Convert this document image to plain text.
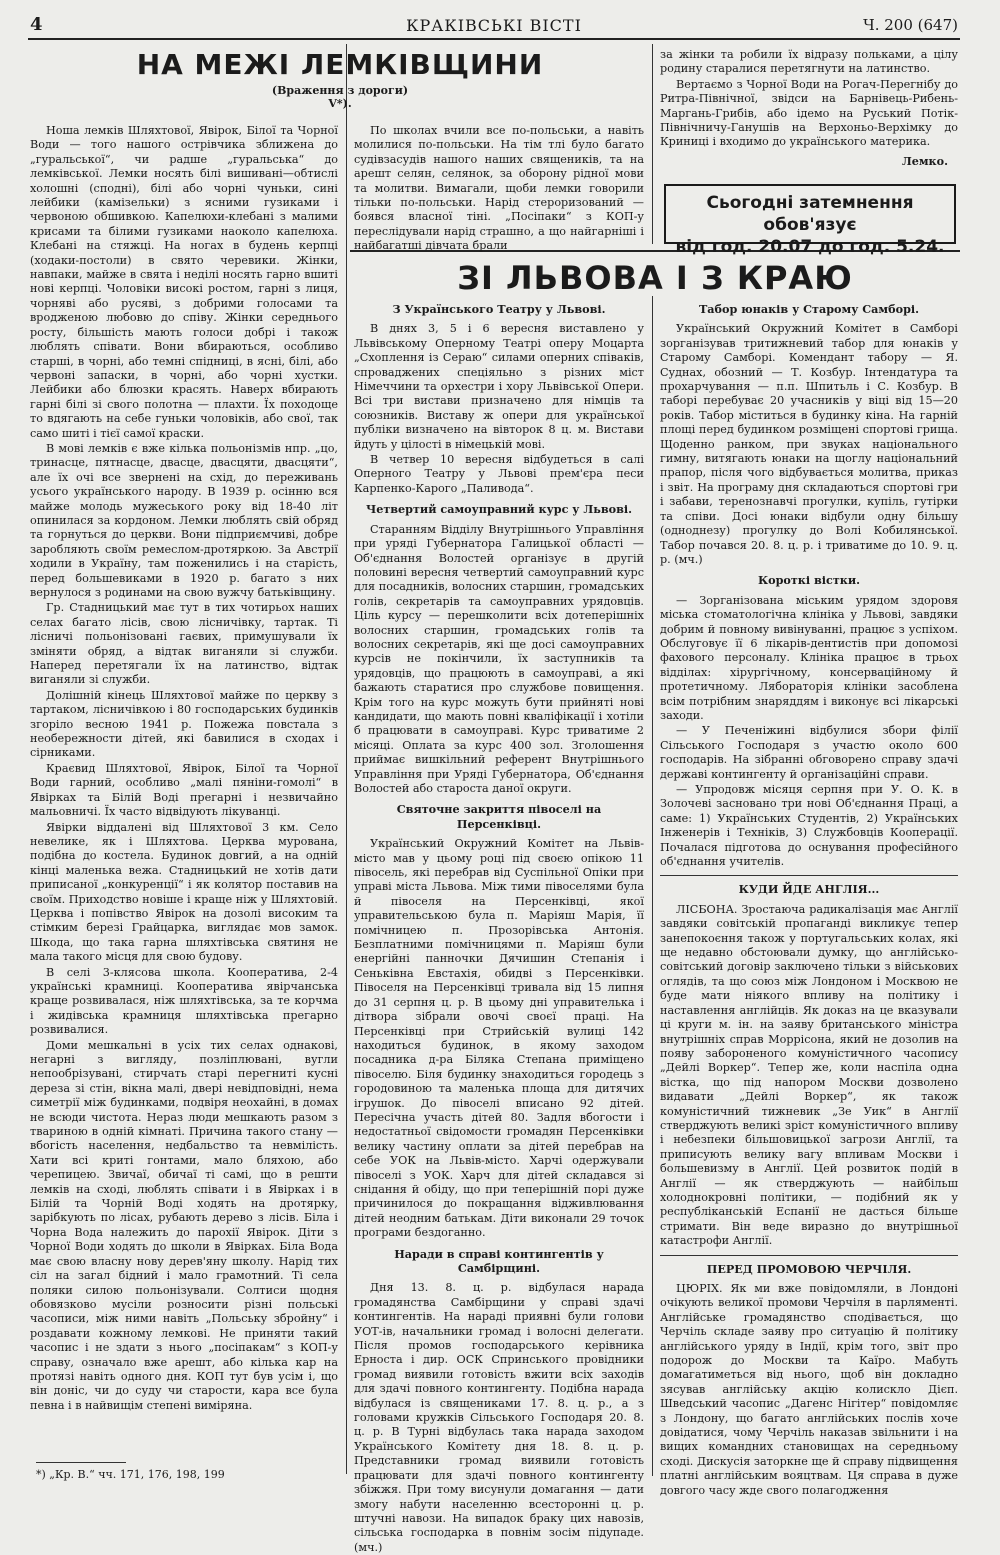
4	КРАКІВСЬКІ ВІСТІ	Ч. 200 (647)
НА МЕЖІ ЛЕМКІВЩИНИ
(Враження з дороги)
V*).

Ноша лемків Шляхтової, Явірок, Білої та Чорної Води — того нашого острівчика зближена до „гуральської“, чи радше „гуральська“ до лемківської. Лемки носять білі вишивані—обтислі холошні (сподні), білі або чорні чуньки, сині лейбики (камізельки) з ясними гузиками і червоною обшивкою. Капелюхи-клебані з малими крисами та білими гузиками наоколо капелюха. Клебані на стяжці. На ногах в будень керпці (ходаки-постоли) в свято черевики. Жінки, навпаки, майже в свята і неділі носять гарно вшиті нові керпці. Чоловіки високі ростом, гарні з лиця, чорняві або русяві, з добрими голосами та вродженою любовю до співу. Жінки середнього росту, більшість мають голоси добрі і також люблять співати. Вони вбираються, особливо старші, в чорні, або темні спідниці, в ясні, білі, або червоні запаски, в чорні, або чорні хустки. Лейбики або блюзки красять. Наверх вбирають гарні білі зі свого полотна — плахти. Їх походоще то вдягають на себе гуньки чоловіків, або свої, так само шиті і тієї самої краски.

В мові лемків є вже кілька польонізмів нпр. „цо, тринасце, пятнасце, двасце, двасцяти, двасцяти“, але їх очі все звернені на схід, до переживань усього українського народу. В 1939 р. осінню вся майже молодь мужеського року від 18-40 літ опинилася за кордоном. Лемки люблять свій обряд та горнуться до церкви. Вони підприємчиві, добре заробляють своїм ремеслом-дротяркою. За Австрії ходили в Україну, там поженились і на старість, перед большевиками в 1920 р. багато з них вернулося з родинами на свою вужчу батьківщину.

Гр. Стадницький має тут в тих чотирьох наших селах багато лісів, свою лісничівку, тартак. Ті лісничі польонізовані гаєвих, примушували їх зміняти обряд, а відтак виганяли зі служби. Наперед перетягали їх на латинство, відтак виганяли зі служби.

Долішній кінець Шляхтової майже по церкву з тартаком, лісничівкою і 80 господарських будинків згоріло весною 1941 р. Пожежа повстала з необережности дітей, які бавилися в сходах і сірниками.

Краєвид Шляхтової, Явірок, Білої та Чорної Води гарний, особливо „малі пяніни-гомолі“ в Явірках та Білій Воді прегарні і незвичайно мальовничі. Їх часто відвідують лікуванці.

Явірки віддалені від Шляхтової 3 км. Село невелике, як і Шляхтова. Церква мурована, подібна до костела. Будинок довгий, а на одній кінці маленька вежа. Стадницький не хотів дати приписаної „конкуренції“ і як колятор поставив на своїм. Приходство новіше і краще ніж у Шляхтовій. Церква і попівство Явірок на дозолі високим та стімким березі Грайцарка, виглядає мов замок. Шкода, що така гарна шляхтівська святиня не мала такого місця для свою будову.

В селі 3-клясова школа. Кооператива, 2-4 українські крамниці. Кооператива явірчанська краще розвивалася, ніж шляхтівська, за те корчма і жидівська крамниця шляхтівська прегарно розвивалися.

Доми мешкальні в усіх тих селах однакові, негарні з вигляду, позліплювані, вугли непообрізувані, стирчать старі перегниті кусні дереза зі стін, вікна малі, двері невідповідні, нема симетрії між будинками, подвіря неохайні, в домах не всюди чистота. Нераз люди мешкають разом з твариною в одній кімнаті. Причина такого стану — вбогість населення, недбальство та невмілість. Хати всі криті гонтами, мало бляхою, або черепицею. Звичаї, обичаї ті самі, що в решти лемків на сході, люблять співати і в Явірках і в Білій та Чорній Воді ходять на дротярку, зарібкують по лісах, рубають дерево з лісів. Біла і Чорна Вода належить до парохії Явірок. Діти з Чорної Води ходять до школи в Явірках. Біла Вода має свою власну нову дерев'яну школу. Нарід тих сіл на загал бідний і мало грамотний. Ті села поляки силою польонізували. Солтиси щодня обовязково мусіли розносити різні польські часописи, між ними навіть „Польську збройну“ і роздавати кожному лемкові. Не приняти такий часопис і не здати з нього „посіпакам“ з КОП-у справу, означало вже арешт, або кілька кар на протязі навіть одного дня. КОП тут був усім і, що він доніс, чи до суду чи старости, кара все була певна і в найвищім степені виміряна.

*) „Кр. В.“ чч. 171, 176, 198, 199

По школах вчили все по-польськи, а навіть молилися по-польськи. На тім тлі було багато судівзасудів нашого наших священиків, та на арешт селян, селянок, за оборону рідної мови та молитви. Вимагали, щоби лемки говорили тільки по-польськи. Нарід стероризований — боявся власної тіні. „Посіпаки“ з КОП-у переслідували нарід страшно, а що найгарніші і найбагатші дівчата брали

за жінки та робили їх відразу польками, а цілу родину старалися перетягнути на латинство.

Вертаємо з Чорної Води на Рогач-Перегнібу до Ритра-Північної, звідси на Барнівець-Рибень-Маргань-Грибів, або ідемо на Руський Потік-Північничу-Ганушів на Верхоньо-Верхімку до Криниці і входимо до українського материка.

Лемко.
Сьогодні затемнення обов'язує
від год. 20.07 до год. 5.24.
ЗІ ЛЬВОВА І З КРАЮ
З Українського Театру у Львові.

В днях 3, 5 і 6 вересня виставлено у Львівському Оперному Театрі оперу Моцарта „Схоплення із Сераю“ силами оперних співаків, спроваджених спеціяльно з різних міст Німеччини та орхестри і хору Львівської Опери. Всі три вистави призначено для німців та союзників. Виставу ж опери для української публіки визначено на вівторок 8 ц. м. Вистави йдуть у цілості в німецькій мові.

В четвер 10 вересня відбудеться в салі Оперного Театру у Львові прем'єра песи Карпенко-Карого „Паливода“.

Четвертий самоуправний курс у Львові.

Старанням Відділу Внутрішнього Управління при уряді Губернатора Галицької області — Об'єднання Волостей організує в другій половині вересня четвертий самоуправний курс для посадників, волосних старшин, громадських голів, секретарів та самоуправних урядовців. Ціль курсу — перешколити всіх дотеперішніх волосних старшин, громадських голів та волосних секретарів, які ще досі самоуправних курсів не покінчили, їх заступників та урядовців, що працюють в самоуправі, а які бажають старатися про службове повищення. Крім того на курс можуть бути прийняті нові кандидати, що мають повні кваліфікації і хотіли б працювати в самоуправі. Курс триватиме 2 місяці. Оплата за курс 400 зол. Зголошення приймає вишкільний референт Внутрішнього Управління при Уряді Губернатора, Об'єднання Волостей або староста даної округи.

Святочне закриття півоселі на Персенківці.

Український Окружний Комітет на Львів-місто мав у цьому році під своєю опікою 11 півосель, які перебрав від Суспільної Опіки при управі міста Львова. Між тими півоселями була й півоселя на Персенківці, якої управительською була п. Маріяш Марія, її помічницею п. Прозорівська Антонія. Безплатними помічницями п. Маріяш були енергійні панночки Дячишин Степанія і Сеньківна Евстахія, обидві з Персенківки. Півоселя на Персенківці тривала від 15 липня до 31 серпня ц. р. В цьому дні управителька і дітвора зібрали овочі своєї праці. На Персенківці при Стрийській вулиці 142 находиться будинок, в якому заходом посадника д-ра Біляка Степана приміщено півоселю. Біля будинку знаходиться городець з городовиною та маленька площа для дитячих ігрушок. До півоселі вписано 92 дітей. Пересічна участь дітей 80. Задля вбогости і недостатньої свідомости громадян Персенківки велику частину оплати за дітей перебрав на себе УОК на Львів-місто. Харчі одержували півоселі з УОК. Харч для дітей складався зі снідання й обіду, що при теперішній порі дуже причинилося до покращання відживлювання дітей неодним батькам. Діти виконали 29 точок програми бездоганно.

Наради в справі контингентів у Самбірщині.

Дня 13. 8. ц. р. відбулася нарада громадянства Самбірщини у справі здачі контингентів. На нараді приявні були голови УОТ-ів, начальники громад і волосні делегати. Після промов господарського керівника Ерноста і дир. ОСК Спринського провідники громад виявили готовість вжити всіх заходів для здачі повного контингенту. Подібна нарада відбулася із священиками 17. 8. ц. р., а з головами кружків Сільського Господаря 20. 8. ц. р. В Турні відбулась така нарада заходом Українського Комітету дня 18. 8. ц. р. Представники громад виявили готовість працювати для здачі повного контингенту збіжжя. При тому висунули домагання — дати змогу набути населенню всесторонні ц. р. штучні навози. На випадок браку цих навозів, сільська господарка в повнім зосім підупаде. (мч.)

Табор юнаків у Старому Самборі.

Український Окружний Комітет в Самборі зорганізував тритижневий табор для юнаків у Старому Самборі. Комендант табору — Я. Суднах, обозний — Т. Козбур. Інтендатура та прохарчування — п.п. Шпитьль і С. Козбур. В таборі перебуває 20 учасників у віці від 15—20 років. Табор міститься в будинку кіна. На гарній площі перед будинком розміщені спортові грища. Щоденно ранком, при звуках національного гимну, витягають юнаки на щоглу національний прапор, після чого відбувається молитва, приказ і звіт. На програму дня складаються спортові гри і забави, теренознавчі прогулки, купіль, гутірки та співи. Досі юнаки відбули одну більшу (одноднезу) прогулку до Волі Кобилянської. Табор почався 20. 8. ц. р. і триватиме до 10. 9. ц. р. (мч.)

Короткі вістки.

— Зорганізована міським урядом здоровя міська стоматологічна клініка у Львові, завдяки добрим й повному вивінуванні, працює з успіхом. Обслуговує її 6 лікарів-дентистів при допомозі фахового персоналу. Клініка працює в трьох відділах: хірургічному, консерваційному й протетичному. Лябораторія клініки засоблена всім потрібним знаряддям і виконує всі лікарські заходи.

— У Печеніжині відбулися збори філії Сільського Господаря з участю около 600 господарів. На зібранні обговорено справу здачі державі контингенту й організаційні справи.

— Упродовж місяця серпня при У. О. К. в Золочеві засновано три нові Об'єднання Праці, а саме: 1) Українських Студентів, 2) Українських Інженерів і Техніків, 3) Службовців Кооперації. Почалася підготова до оснування професійного об'єднання учителів.

КУДИ ЙДЕ АНГЛІЯ...

ЛІСБОНА. Зростаюча радикалізація має Англії завдяки совітській пропаганді викликує тепер занепокоєння також у португальських колах, які ще недавно обстоювали думку, що англійсько-совітський договір заключено тільки з військових оглядів, та що союз між Лондоном і Москвою не буде мати ніякого впливу на політику і наставлення англійців. Як доказ на це вказували ці круги м. ін. на заяву британського міністра внутрішніх справ Моррісона, який не дозолив на появу забороненого комуністичного часопису „Дейлі Воркер“. Тепер же, коли наспіла одна вістка, що під напором Москви дозволено видавати „Дейлі Воркер“, як також комуністичний тижневик „Зе Уик“ в Англії стверджують великі зріст комуністичного впливу і небезпеки більшовицької загрози Англії, та приписують велику вагу впливам Москви і большевизму в Англії. Цей розвиток подій в Англії — як стверджують — найбільш холоднокровні політики, — подібний як у республіканській Еспанії не дасться більше стримати. Він веде виразно до внутрішньої катастрофи Англії.

ПЕРЕД ПРОМОВОЮ ЧЕРЧІЛЯ.

ЦЮРІХ. Як ми вже повідомляли, в Лондоні очікують великої промови Черчіля в парляменті. Англійське громадянство сподівається, що Черчіль складе заяву про ситуацію й політику англійського уряду в Індії, крім того, звіт про подорож до Москви та Каїро. Мабуть домагатиметься від нього, щоб він докладно зясував англійську акцію колискло Дієп. Шведський часопис „Дагенс Нігітер“ повідомляє з Лондону, що багато англійських послів хоче довідатися, чому Черчіль наказав звільнити і на вищих командних становищах на середньому сході. Дискусія заторкне ще й справу підвищення платні англійським вояцтвам. Ця справа в дуже довгого часу жде свого полагодження
